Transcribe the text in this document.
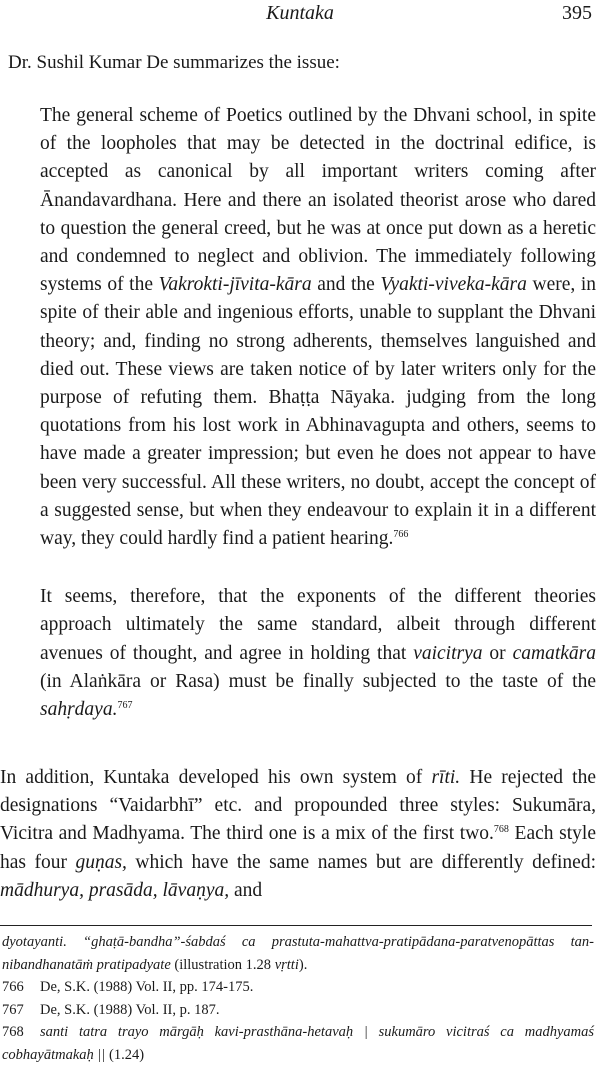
Kuntaka	395
Dr. Sushil Kumar De summarizes the issue:

The general scheme of Poetics outlined by the Dhvani school, in spite of the loopholes that may be detected in the doctrinal edifice, is accepted as canonical by all important writers coming after Ānandavardhana. Here and there an isolated theorist arose who dared to question the general creed, but he was at once put down as a heretic and condemned to neglect and oblivion. The immediately following systems of the Vakrokti-jīvita-kāra and the Vyakti-viveka-kāra were, in spite of their able and ingenious efforts, unable to supplant the Dhvani theory; and, finding no strong adherents, themselves languished and died out. These views are taken notice of by later writers only for the purpose of refuting them. Bhaṭṭa Nāyaka. judging from the long quotations from his lost work in Abhinavagupta and others, seems to have made a greater impression; but even he does not appear to have been very successful. All these writers, no doubt, accept the concept of a suggested sense, but when they endeavour to explain it in a different way, they could hardly find a patient hearing.$^{766}$

It seems, therefore, that the exponents of the different theories approach ultimately the same standard, albeit through different avenues of thought, and agree in holding that vaicitrya or camatkāra (in Alaṅkāra or Rasa) must be finally subjected to the taste of the sahṛdaya.$^{767}$

In addition, Kuntaka developed his own system of rīti. He rejected the designations “Vaidarbhī” etc. and propounded three styles: Sukumāra, Vicitra and Madhyama. The third one is a mix of the first two.$^{768}$ Each style has four guṇas, which have the same names but are differently defined: mādhurya, prasāda, lāvaṇya, and

dyotayanti. “ghaṭā-bandha”-śabdaś ca prastuta-mahattva-pratipādana-paratvenopāttas tan-nibandhanatāṁ pratipadyate (illustration 1.28 vṛtti).

766 De, S.K. (1988) Vol. II, pp. 174-175.

767 De, S.K. (1988) Vol. II, p. 187.

768 santi tatra trayo mārgāḥ kavi-prasthāna-hetavaḥ | sukumāro vicitraś ca madhyamaś cobhayātmakaḥ || (1.24)
